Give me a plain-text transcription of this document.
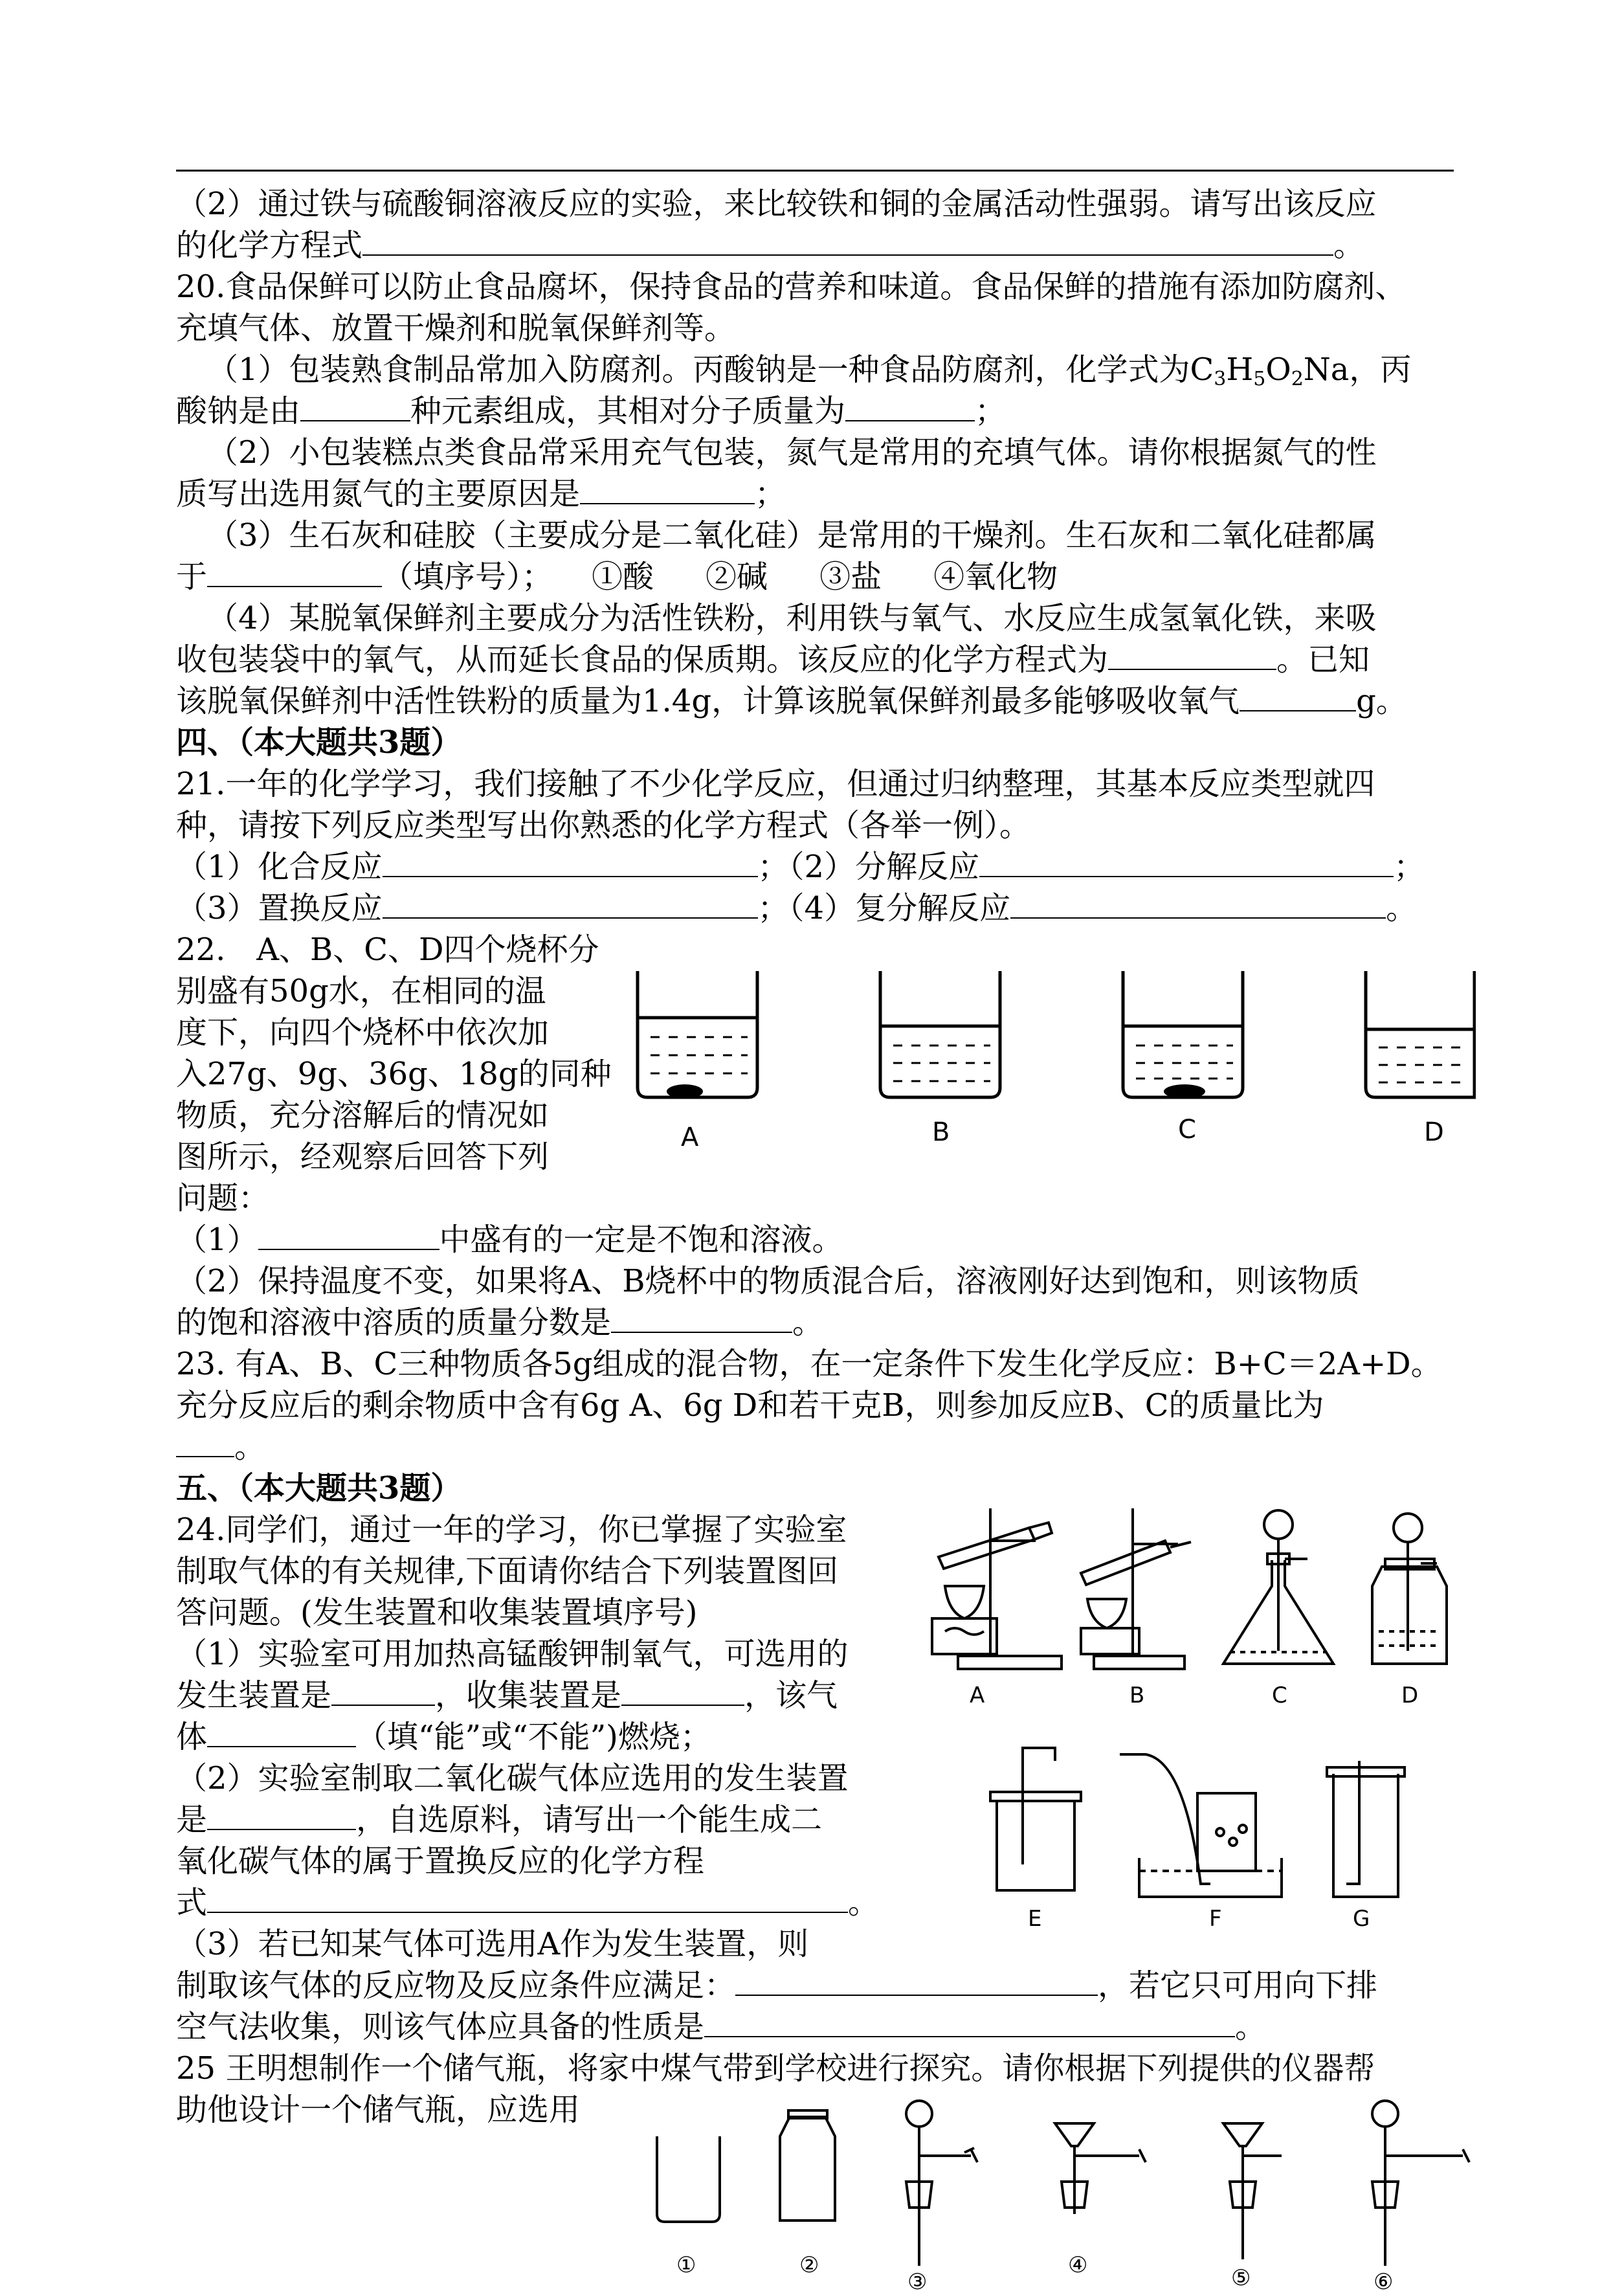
（2）通过铁与硫酸铜溶液反应的实验，来比较铁和铜的金属活动性强弱。请写出该反应
的化学方程式	。
20.食品保鲜可以防止食品腐坏，保持食品的营养和味道。食品保鲜的措施有添加防腐剂、
充填气体、放置干燥剂和脱氧保鲜剂等。
（1）包装熟食制品常加入防腐剂。丙酸钠是一种食品防腐剂，化学式为$C_3H_5O_2Na$，丙
酸钠是由	种元素组成，其相对分子质量为	；
（2）小包装糕点类食品常采用充气包装，氮气是常用的充填气体。请你根据氮气的性
质写出选用氮气的主要原因是	；
（3）生石灰和硅胶（主要成分是二氧化硅）是常用的干燥剂。生石灰和二氧化硅都属
于	（填序号）； ①酸 ②碱 ③盐 ④氧化物
（4）某脱氧保鲜剂主要成分为活性铁粉，利用铁与氧气、水反应生成氢氧化铁，来吸
收包装袋中的氧气，从而延长食品的保质期。该反应的化学方程式为	。已知
该脱氧保鲜剂中活性铁粉的质量为1.4g，计算该脱氧保鲜剂最多能够吸收氧气	g。
四、（本大题共3题）
21.一年的化学学习，我们接触了不少化学反应，但通过归纳整理，其基本反应类型就四
种，请按下列反应类型写出你熟悉的化学方程式（各举一例）。
（1）化合反应	；（2）分解反应	；
（3）置换反应	；（4）复分解反应	。
22.　A、B、C、D四个烧杯分
别盛有50g水，在相同的温
度下，向四个烧杯中依次加
入27g、9g、36g、18g的同种
物质，充分溶解后的情况如
图所示，经观察后回答下列
问题：
A	B	C	D
（1）	中盛有的一定是不饱和溶液。
（2）保持温度不变，如果将A、B烧杯中的物质混合后，溶液刚好达到饱和，则该物质
的饱和溶液中溶质的质量分数是	。
23. 有A、B、C三种物质各5g组成的混合物，在一定条件下发生化学反应：B+C＝2A+D。
充分反应后的剩余物质中含有6g A、6g D和若干克B，则参加反应B、C的质量比为
。
五、（本大题共3题）
24.同学们，通过一年的学习，你已掌握了实验室
制取气体的有关规律,下面请你结合下列装置图回
答问题。(发生装置和收集装置填序号)
（1）实验室可用加热高锰酸钾制氧气，可选用的
发生装置是	，收集装置是	，该气
体	（填“能”或“不能”)燃烧；
（2）实验室制取二氧化碳气体应选用的发生装置
是	，自选原料，请写出一个能生成二
氧化碳气体的属于置换反应的化学方程
式	。
（3）若已知某气体可选用A作为发生装置，则
制取该气体的反应物及反应条件应满足：	，若它只可用向下排
空气法收集，则该气体应具备的性质是	。
A	B	C	D
E	F	G
25 王明想制作一个储气瓶，将家中煤气带到学校进行探究。请你根据下列提供的仪器帮
助他设计一个储气瓶，应选用
①	②
③
④	⑤	⑥
